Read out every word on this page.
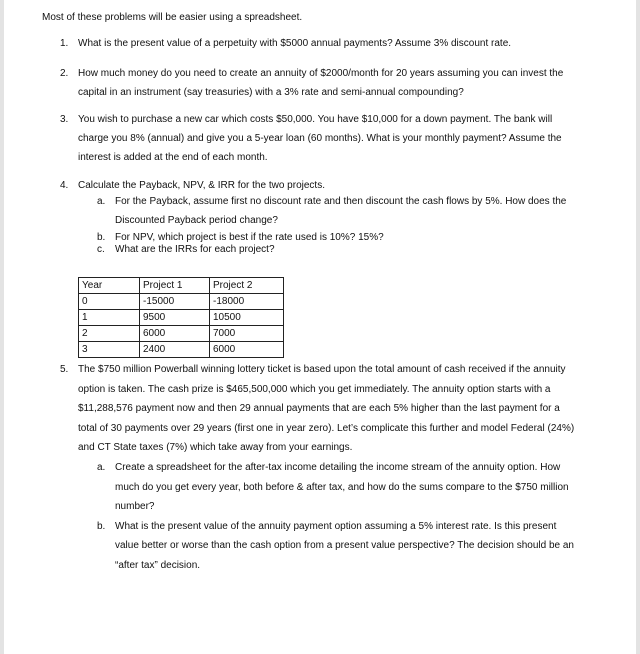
Most of these problems will be easier using a spreadsheet.
1. What is the present value of a perpetuity with $5000 annual payments? Assume 3% discount rate.
2. How much money do you need to create an annuity of $2000/month for 20 years assuming you can invest the
capital in an instrument (say treasuries) with a 3% rate and semi-annual compounding?
3. You wish to purchase a new car which costs $50,000. You have $10,000 for a down payment. The bank will
charge you 8% (annual) and give you a 5-year loan (60 months). What is your monthly payment? Assume the
interest is added at the end of each month.
4. Calculate the Payback, NPV, & IRR for the two projects.
a. For the Payback, assume first no discount rate and then discount the cash flows by 5%. How does the
Discounted Payback period change?
b. For NPV, which project is best if the rate used is 10%? 15%?
c. What are the IRRs for each project?
Year	Project 1	Project 2
0	-15000	-18000
1	9500	10500
2	6000	7000
3	2400	6000
5. The $750 million Powerball winning lottery ticket is based upon the total amount of cash received if the annuity
option is taken. The cash prize is $465,500,000 which you get immediately. The annuity option starts with a
$11,288,576 payment now and then 29 annual payments that are each 5% higher than the last payment for a
total of 30 payments over 29 years (first one in year zero). Let’s complicate this further and model Federal (24%)
and CT State taxes (7%) which take away from your earnings.
a. Create a spreadsheet for the after-tax income detailing the income stream of the annuity option. How
much do you get every year, both before & after tax, and how do the sums compare to the $750 million
number?
b. What is the present value of the annuity payment option assuming a 5% interest rate. Is this present
value better or worse than the cash option from a present value perspective? The decision should be an
“after tax” decision.
